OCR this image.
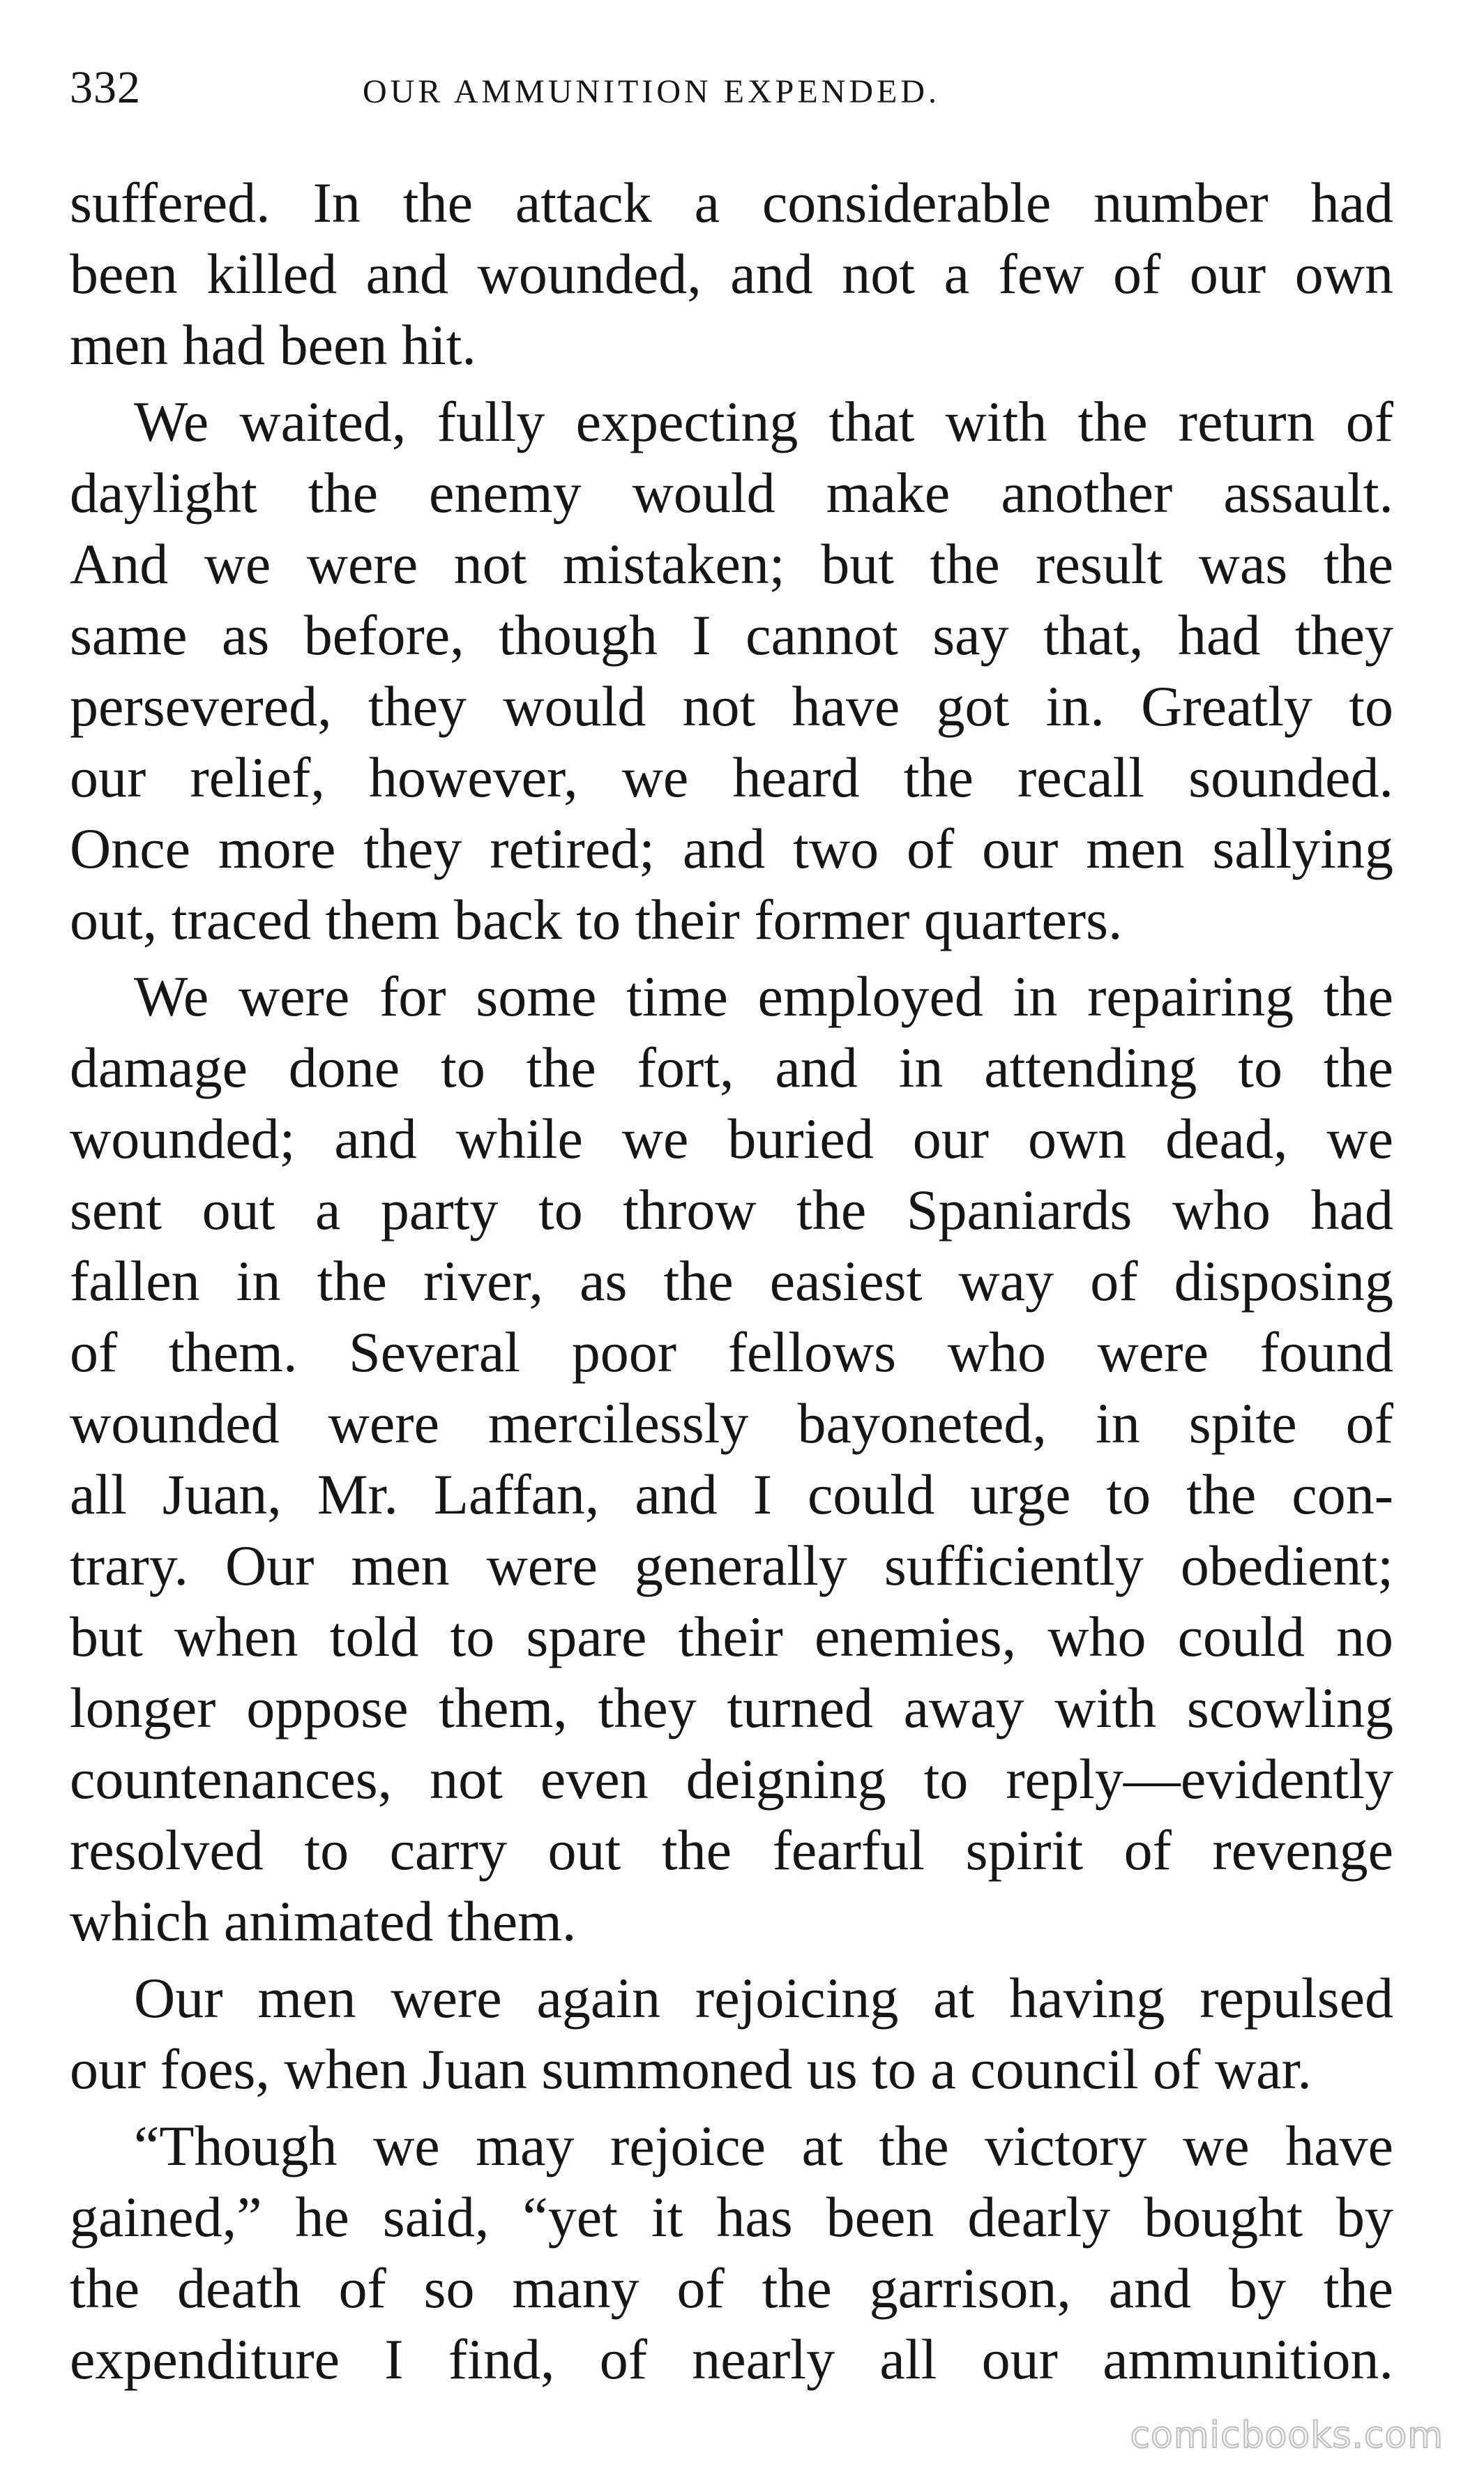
332	OUR AMMUNITION EXPENDED.
suffered. In the attack a considerable number had
been killed and wounded, and not a few of our own
men had been hit.
We waited, fully expecting that with the return of
daylight the enemy would make another assault.
And we were not mistaken; but the result was the
same as before, though I cannot say that, had they
persevered, they would not have got in. Greatly to
our relief, however, we heard the recall sounded.
Once more they retired; and two of our men sallying
out, traced them back to their former quarters.
We were for some time employed in repairing the
damage done to the fort, and in attending to the
wounded; and while we buried our own dead, we
sent out a party to throw the Spaniards who had
fallen in the river, as the easiest way of disposing
of them. Several poor fellows who were found
wounded were mercilessly bayoneted, in spite of
all Juan, Mr. Laffan, and I could urge to the con-
trary. Our men were generally sufficiently obedient;
but when told to spare their enemies, who could no
longer oppose them, they turned away with scowling
countenances, not even deigning to reply—evidently
resolved to carry out the fearful spirit of revenge
which animated them.
Our men were again rejoicing at having repulsed
our foes, when Juan summoned us to a council of war.
“Though we may rejoice at the victory we have
gained,” he said, “yet it has been dearly bought by
the death of so many of the garrison, and by the
expenditure I find, of nearly all our ammunition.
comicbooks.com
